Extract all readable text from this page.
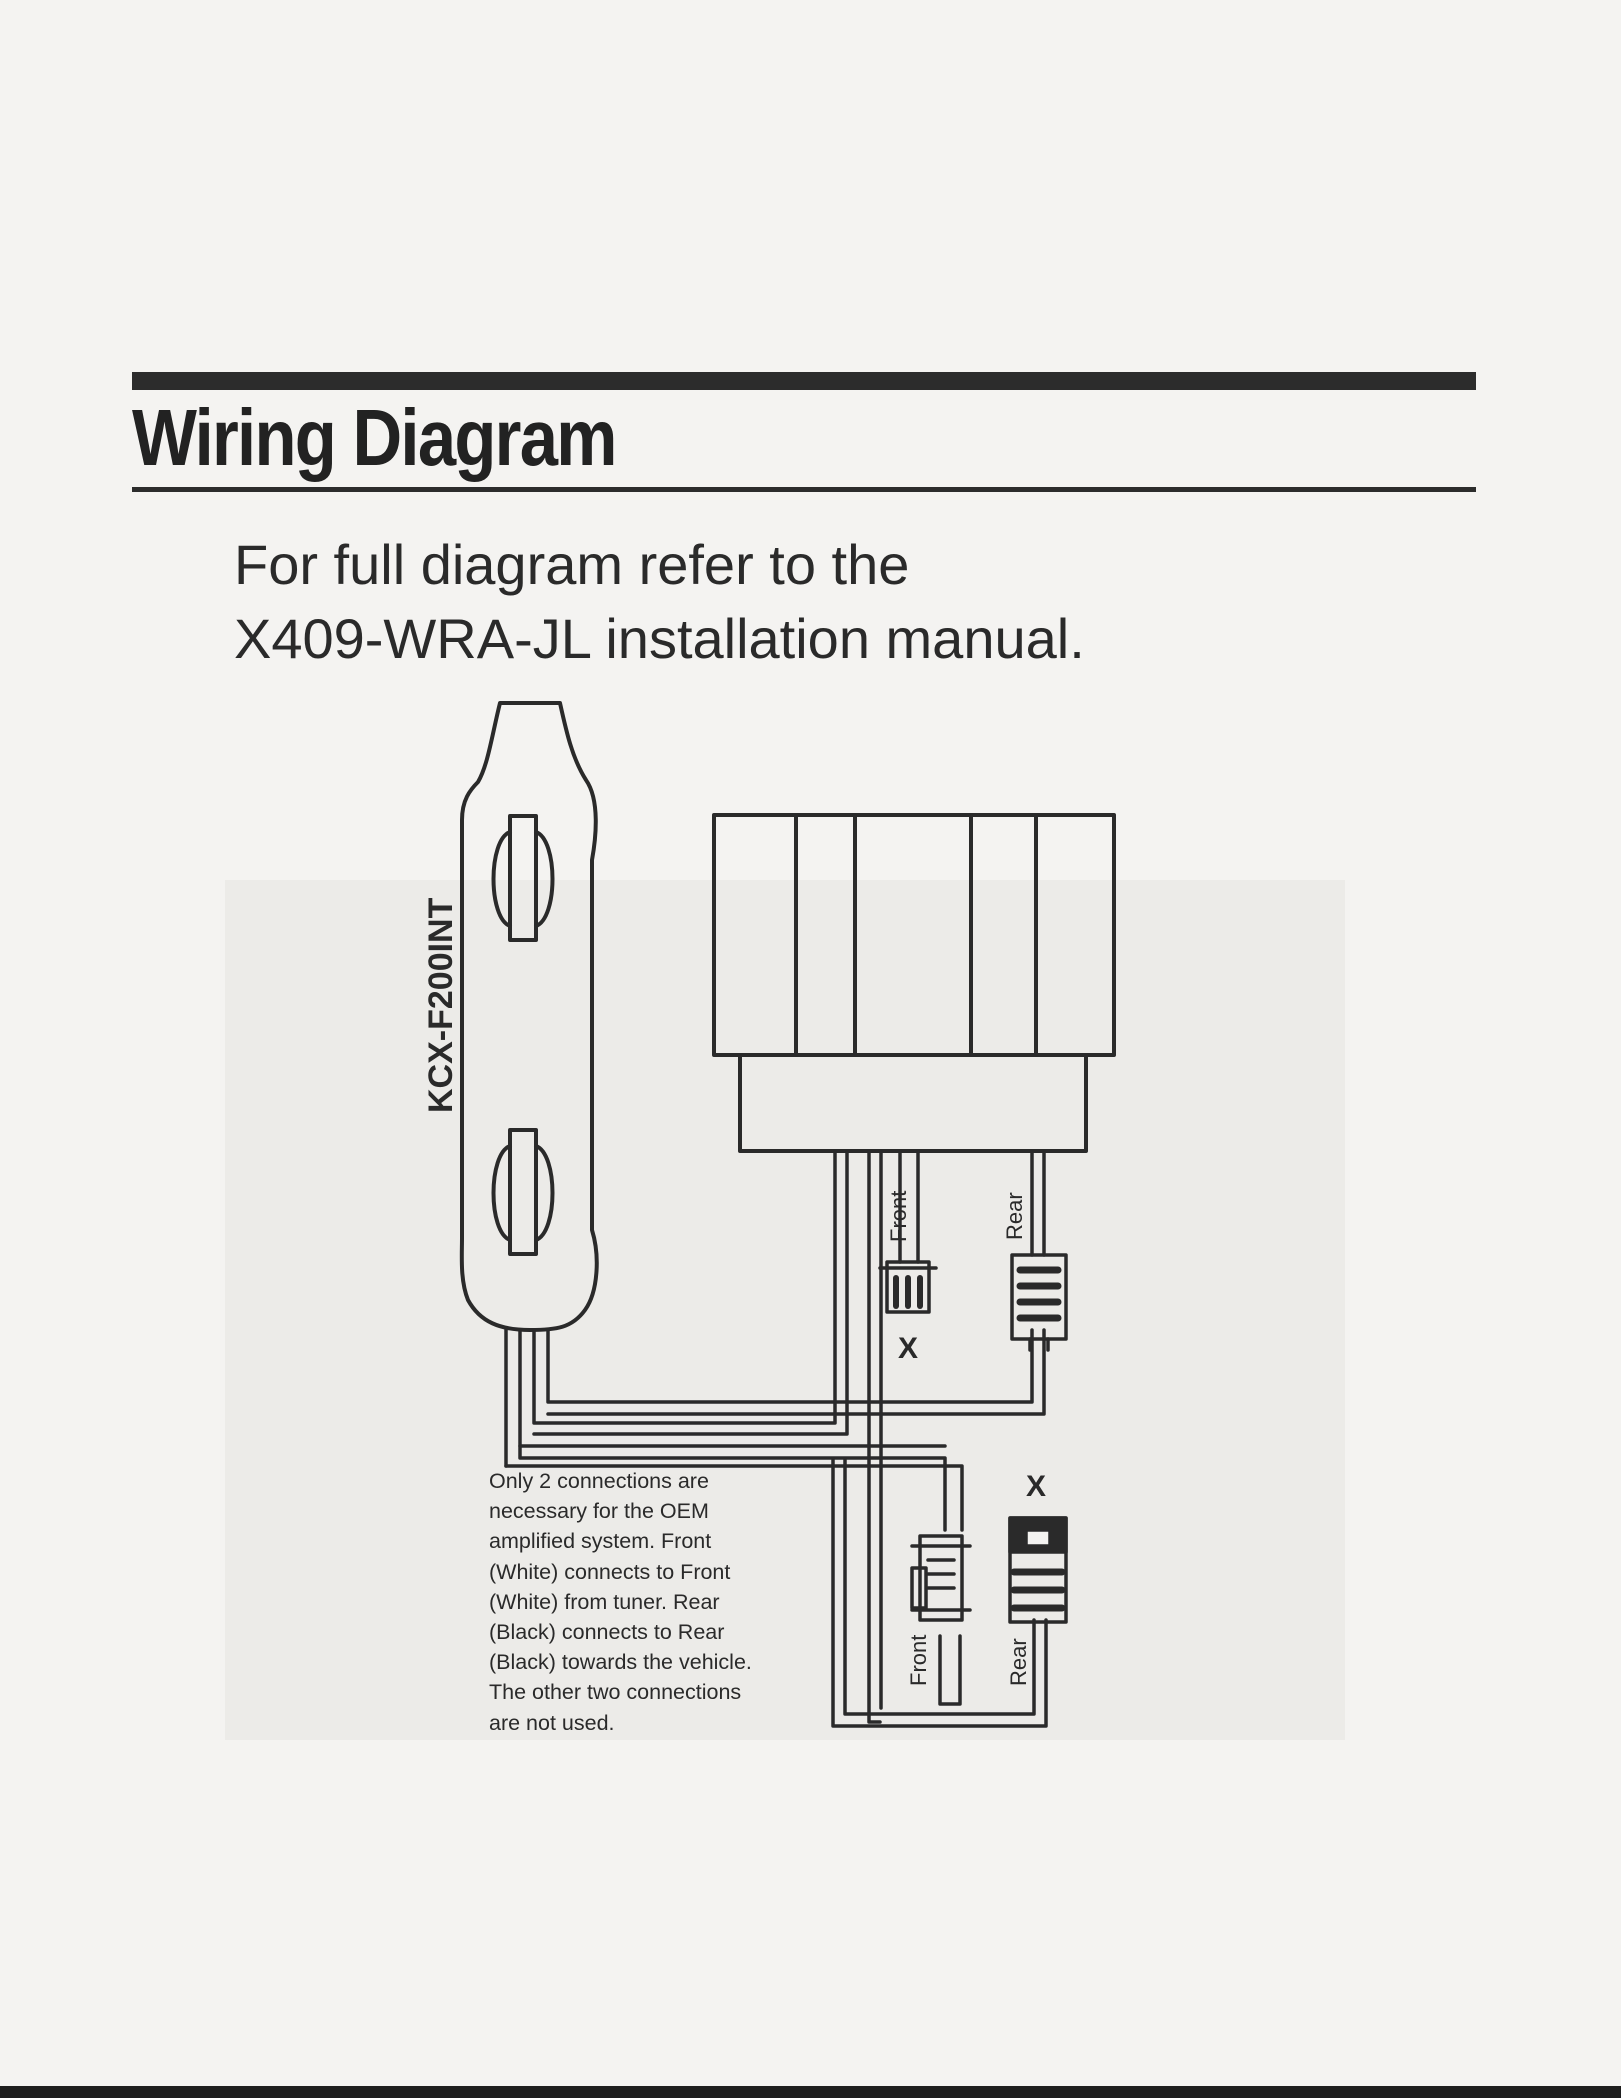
Wiring Diagram
For full diagram refer to the
X409-WRA-JL installation manual.
KCX-F200INT
Front	Rear
Front	Rear
X
X
Only 2 connections are
necessary for the OEM
amplified system. Front
(White) connects to Front
(White) from tuner. Rear
(Black) connects to Rear
(Black) towards the vehicle.
The other two connections
are not used.
